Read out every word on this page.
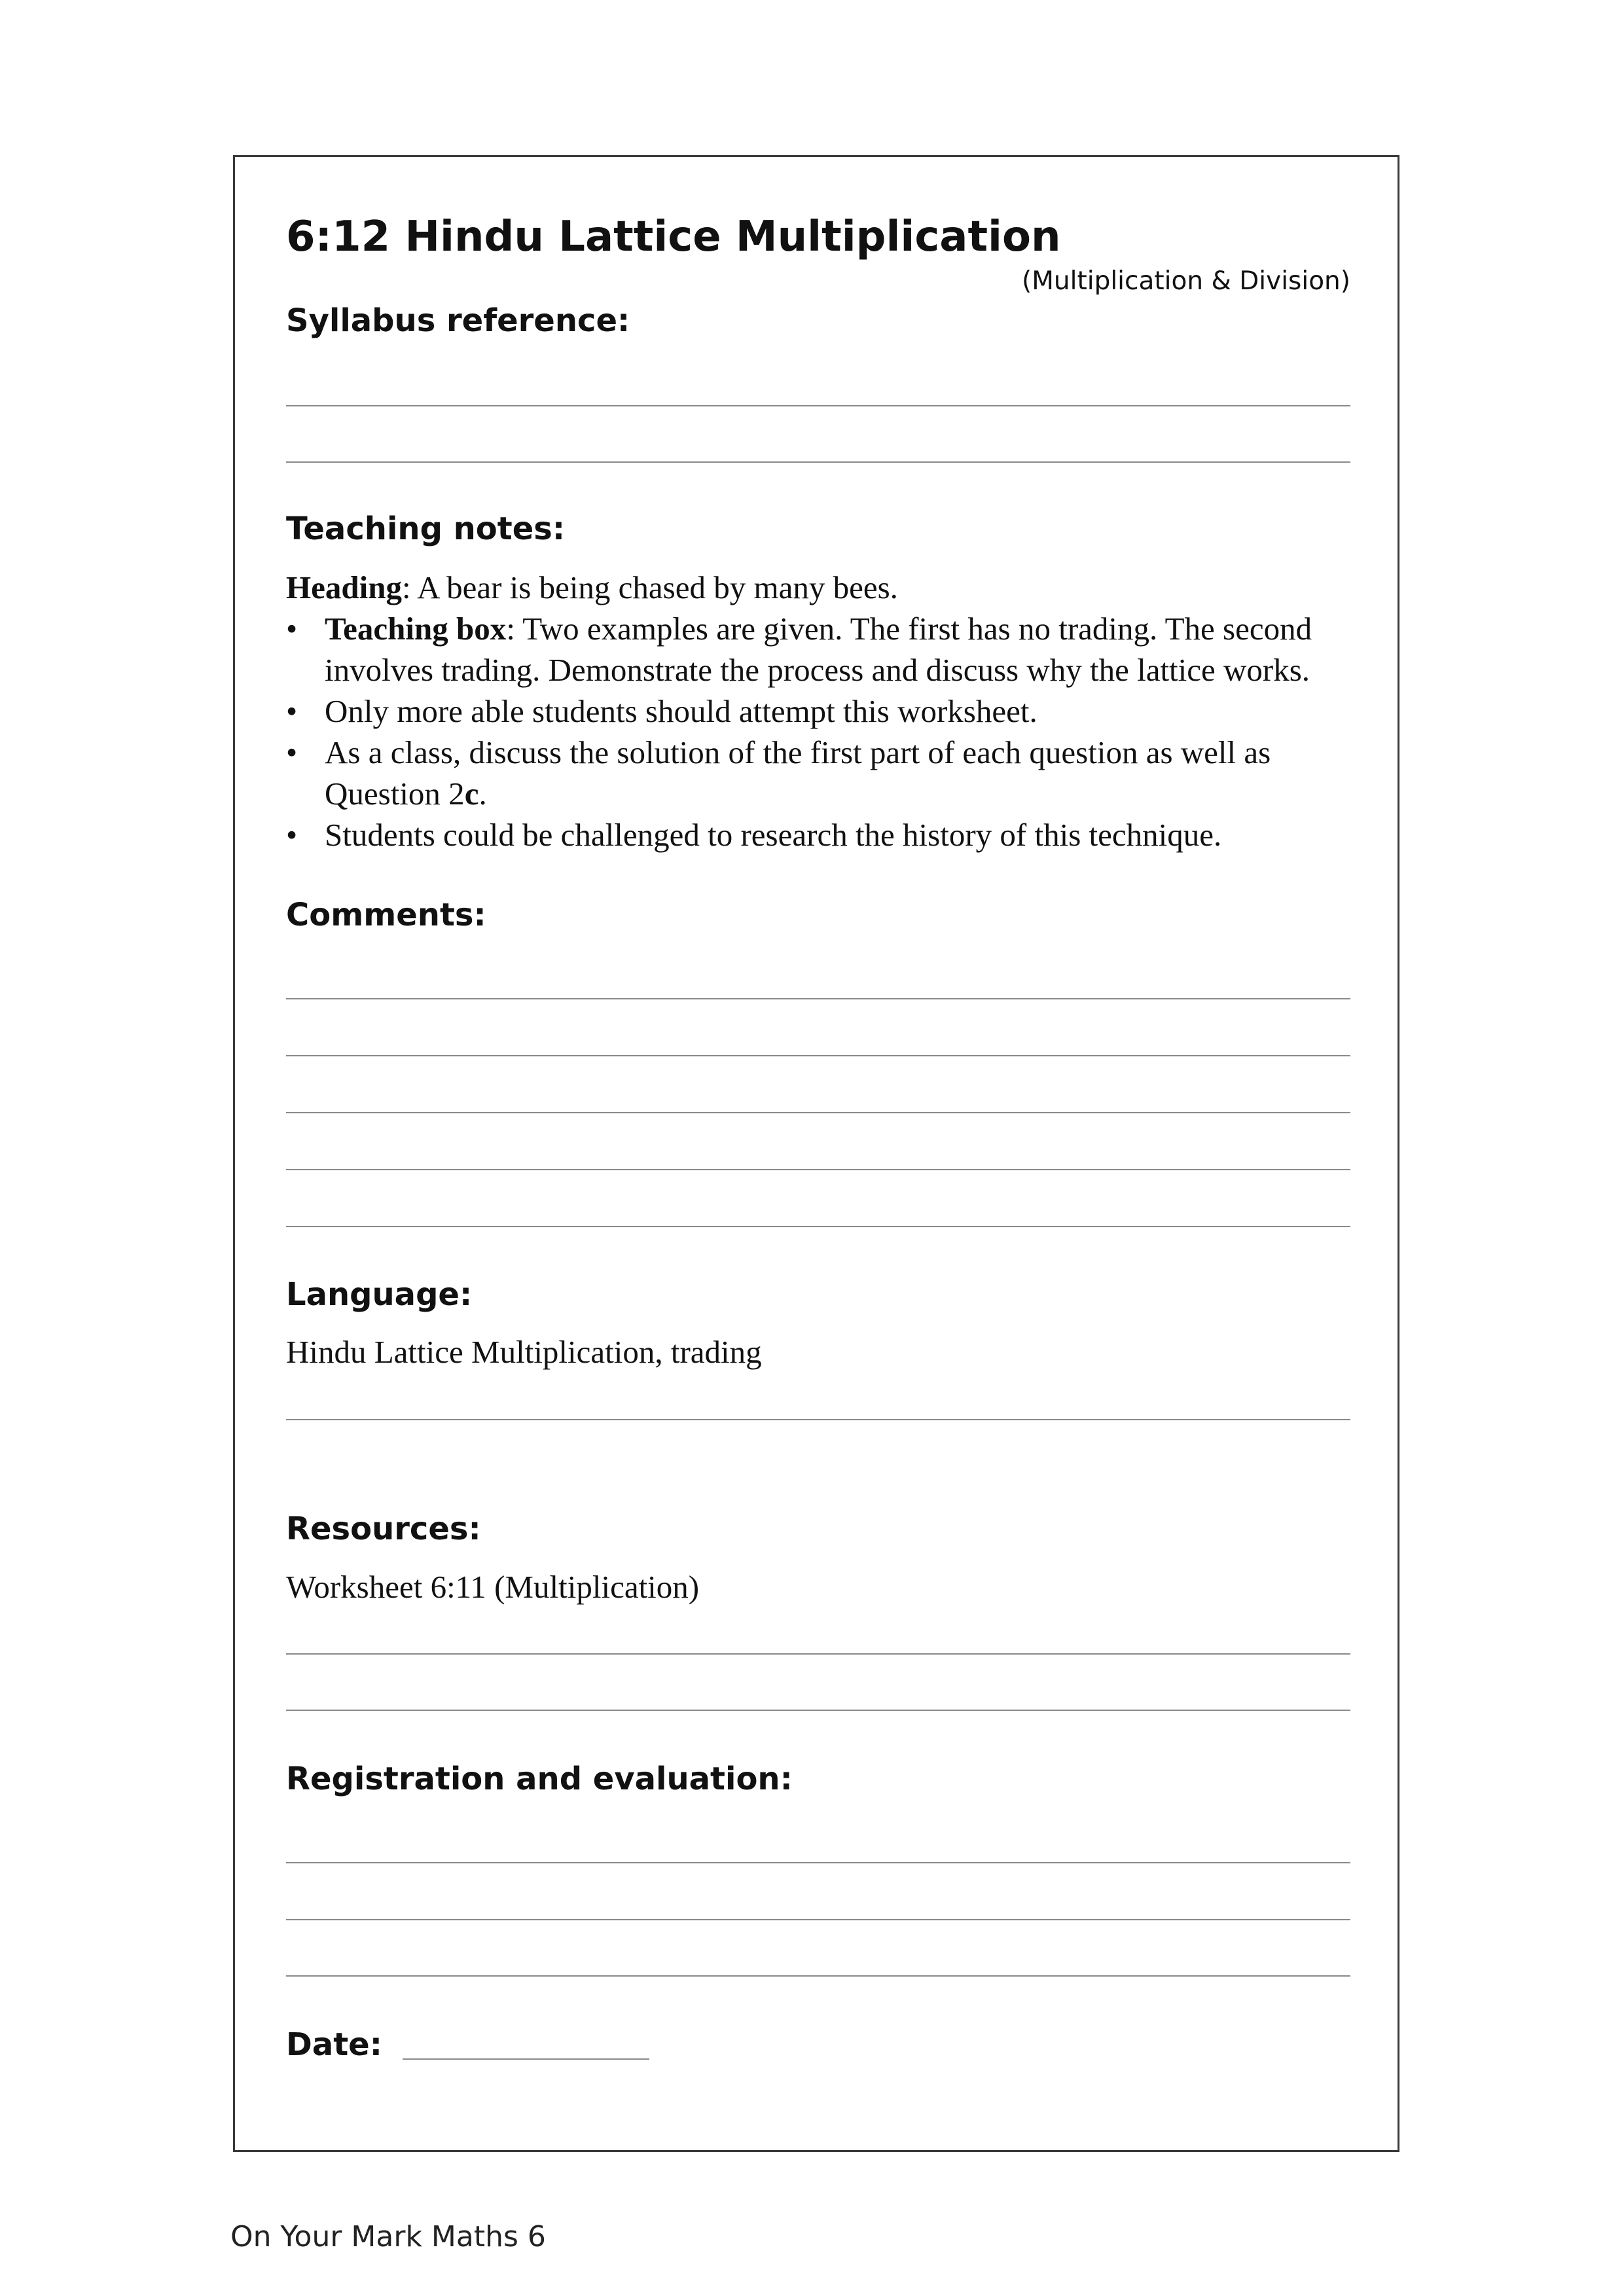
6:12 Hindu Lattice Multiplication
(Multiplication & Division)
Syllabus reference:
Teaching notes:

Heading: A bear is being chased by many bees.

• Teaching box: Two examples are given. The first has no trading. The second involves trading. Demonstrate the process and discuss why the lattice works.
• Only more able students should attempt this worksheet.
• As a class, discuss the solution of the first part of each question as well as Question 2c.
• Students could be challenged to research the history of this technique.
Comments:
Language:
Hindu Lattice Multiplication, trading
Resources:
Worksheet 6:11 (Multiplication)
Registration and evaluation:
Date:
On Your Mark Maths 6
